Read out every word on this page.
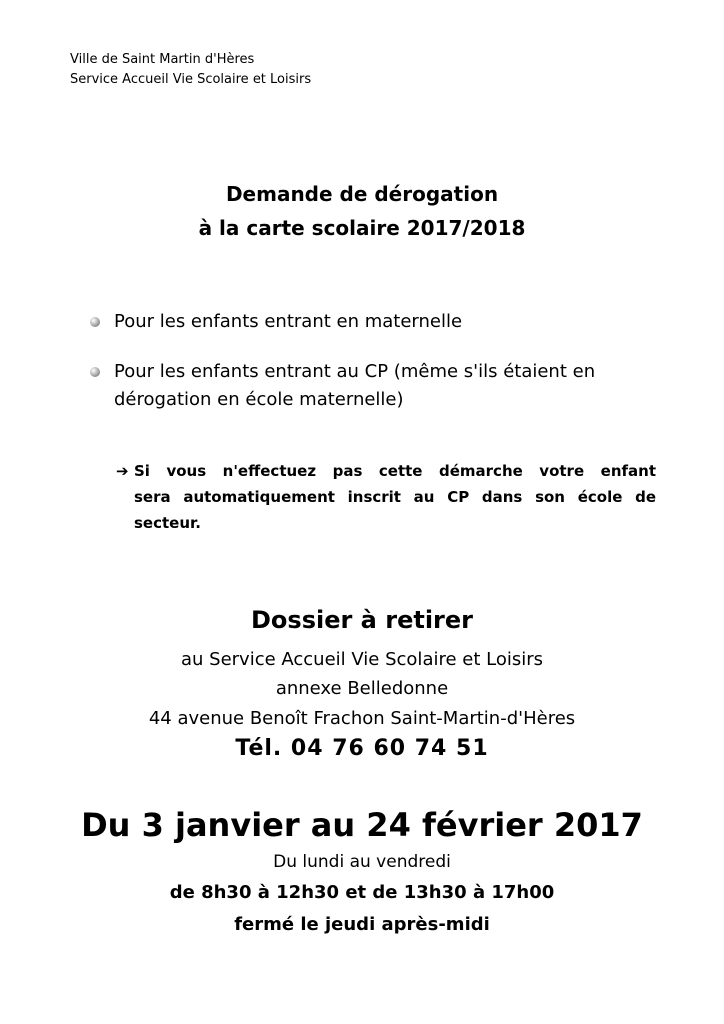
Ville de Saint Martin d'Hères
Service Accueil Vie Scolaire et Loisirs
Demande de dérogation
à la carte scolaire 2017/2018
Pour les enfants entrant en maternelle
Pour les enfants entrant au CP (même s'ils étaient en
dérogation en école maternelle)
➔ Si vous n'effectuez pas cette démarche votre enfant
sera automatiquement inscrit au CP dans son école de
secteur.
Dossier à retirer
au Service Accueil Vie Scolaire et Loisirs
annexe Belledonne
44 avenue Benoît Frachon Saint-Martin-d'Hères
Tél. 04 76 60 74 51
Du 3 janvier au 24 février 2017
Du lundi au vendredi
de 8h30 à 12h30 et de 13h30 à 17h00
fermé le jeudi après-midi
